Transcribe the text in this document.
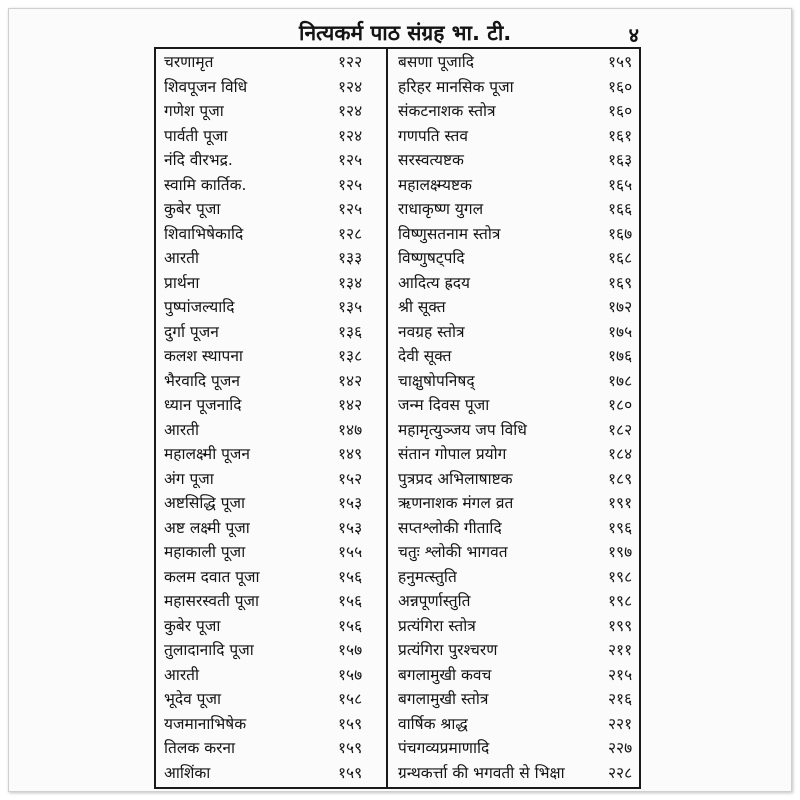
नित्यकर्म पाठ संग्रह भा. टी.	४
चरणामृत	१२२ बसणा पूजादि	१५९
शिवपूजन विधि	१२४ हरिहर मानसिक पूजा	१६०
गणेश पूजा	१२४ संकटनाशक स्तोत्र	१६०
पार्वती पूजा	१२४ गणपति स्तव	१६१
नंदि वीरभद्र.	१२५ सरस्वत्यष्टक	१६३
स्वामि कार्तिक.	१२५ महालक्ष्म्यष्टक	१६५
कुबेर पूजा	१२५ राधाकृष्ण युगल	१६६
शिवाभिषेकादि	१२८ विष्णुसतनाम स्तोत्र	१६७
आरती	१३३ विष्णुषट्पदि	१६८
प्रार्थना	१३४ आदित्य ह्रदय	१६९
पुष्पांजल्यादि	१३५ श्री सूक्त	१७२
दुर्गा पूजन	१३६ नवग्रह स्तोत्र	१७५
कलश स्थापना	१३८ देवी सूक्त	१७६
भैरवादि पूजन	१४२ चाक्षुषोपनिषद्	१७८
ध्यान पूजनादि	१४२ जन्म दिवस पूजा	१८०
आरती	१४७ महामृत्युञ्जय जप विधि	१८२
महालक्ष्मी पूजन	१४९ संतान गोपाल प्रयोग	१८४
अंग पूजा	१५२ पुत्रप्रद अभिलाषाष्टक	१८९
अष्टसिद्धि पूजा	१५३ ऋणनाशक मंगल व्रत	१९१
अष्ट लक्ष्मी पूजा	१५३ सप्तश्लोकी गीतादि	१९६
महाकाली पूजा	१५५ चतुः श्लोकी भागवत	१९७
कलम दवात पूजा	१५६ हनुमत्स्तुति	१९८
महासरस्वती पूजा	१५६ अन्नपूर्णास्तुति	१९८
कुबेर पूजा	१५६ प्रत्यंगिरा स्तोत्र	१९९
तुलादानादि पूजा	१५७ प्रत्यंगिरा पुरश्चरण	२११
आरती	१५७ बगलामुखी कवच	२१५
भूदेव पूजा	१५८ बगलामुखी स्तोत्र	२१६
यजमानाभिषेक	१५९ वार्षिक श्राद्ध	२२१
तिलक करना	१५९ पंचगव्यप्रमाणादि	२२७
आशिंका	१५९ ग्रन्थकर्त्ता की भगवती से भिक्षा	२२८
